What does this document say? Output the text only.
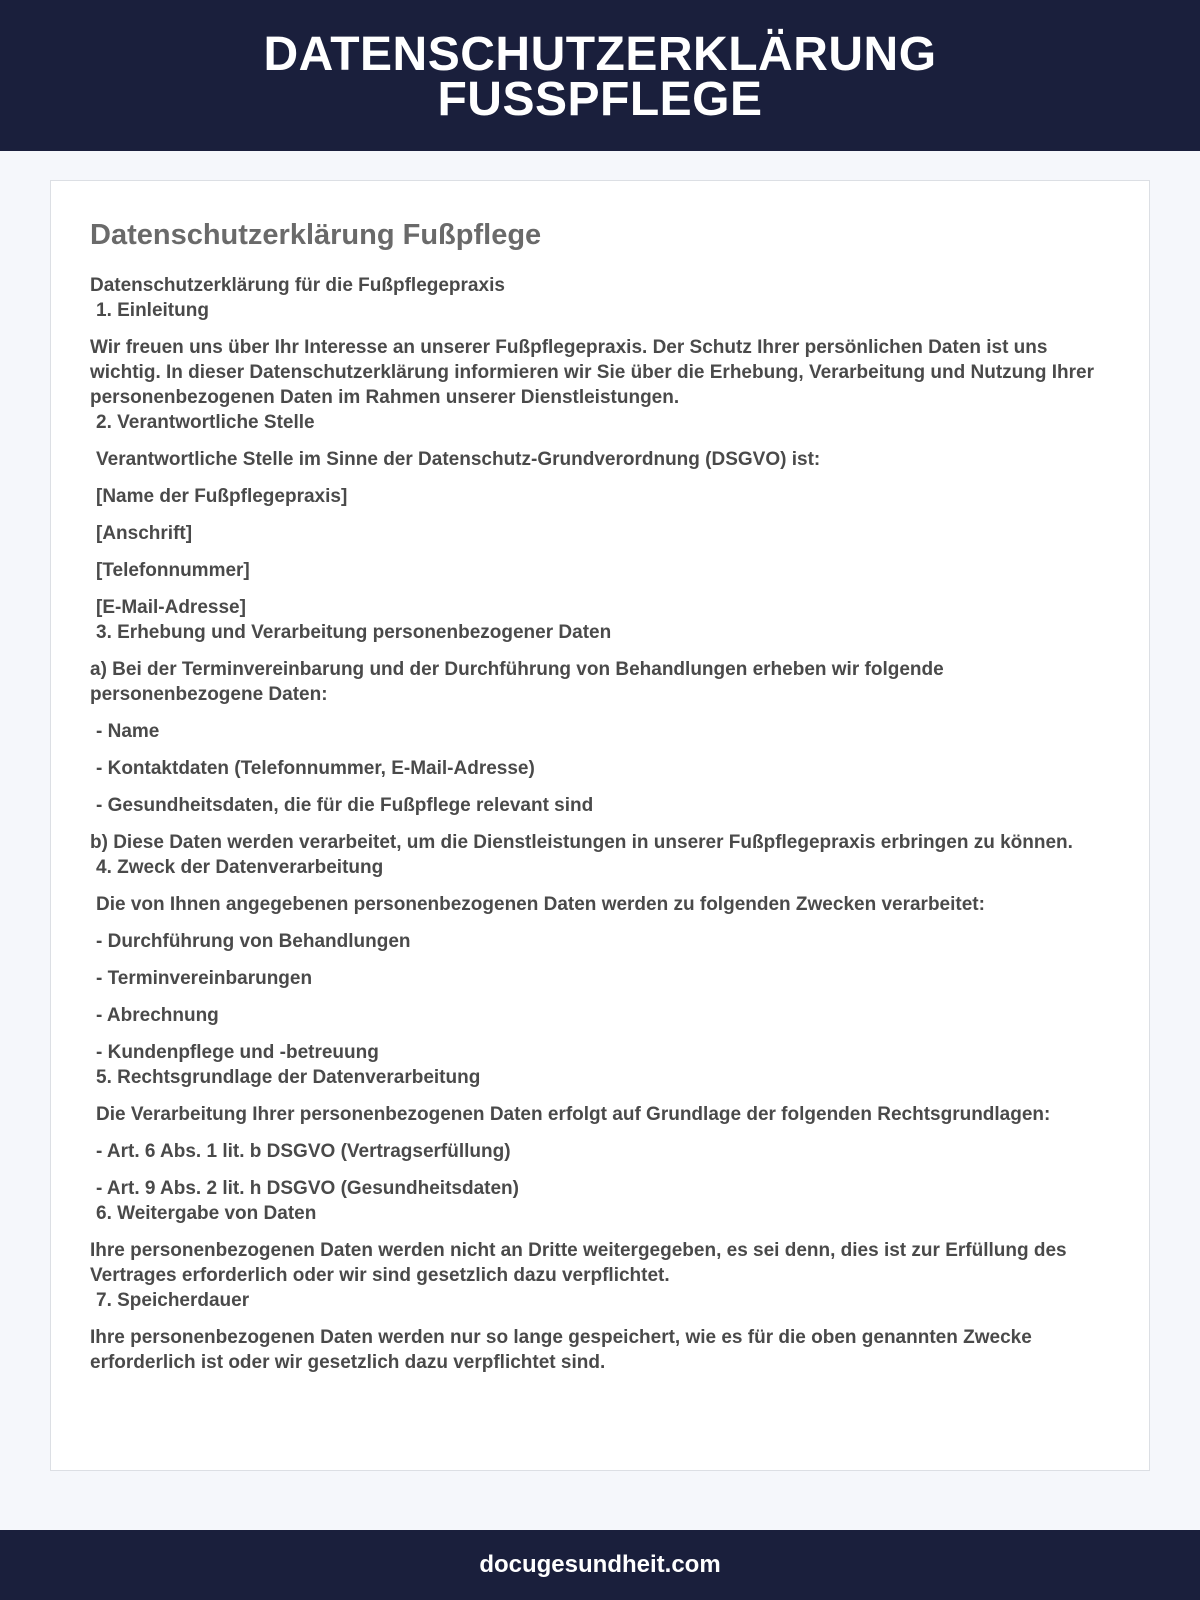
DATENSCHUTZERKLÄRUNG
FUSSPFLEGE
Datenschutzerklärung Fußpflege
Datenschutzerklärung für die Fußpflegepraxis
1. Einleitung
Wir freuen uns über Ihr Interesse an unserer Fußpflegepraxis. Der Schutz Ihrer persönlichen Daten ist uns wichtig. In dieser Datenschutzerklärung informieren wir Sie über die Erhebung, Verarbeitung und Nutzung Ihrer personenbezogenen Daten im Rahmen unserer Dienstleistungen.
2. Verantwortliche Stelle
Verantwortliche Stelle im Sinne der Datenschutz-Grundverordnung (DSGVO) ist:
[Name der Fußpflegepraxis]
[Anschrift]
[Telefonnummer]
[E-Mail-Adresse]
3. Erhebung und Verarbeitung personenbezogener Daten
a) Bei der Terminvereinbarung und der Durchführung von Behandlungen erheben wir folgende personenbezogene Daten:
- Name
- Kontaktdaten (Telefonnummer, E-Mail-Adresse)
- Gesundheitsdaten, die für die Fußpflege relevant sind
b) Diese Daten werden verarbeitet, um die Dienstleistungen in unserer Fußpflegepraxis erbringen zu können.
4. Zweck der Datenverarbeitung
Die von Ihnen angegebenen personenbezogenen Daten werden zu folgenden Zwecken verarbeitet:
- Durchführung von Behandlungen
- Terminvereinbarungen
- Abrechnung
- Kundenpflege und -betreuung
5. Rechtsgrundlage der Datenverarbeitung
Die Verarbeitung Ihrer personenbezogenen Daten erfolgt auf Grundlage der folgenden Rechtsgrundlagen:
- Art. 6 Abs. 1 lit. b DSGVO (Vertragserfüllung)
- Art. 9 Abs. 2 lit. h DSGVO (Gesundheitsdaten)
6. Weitergabe von Daten
Ihre personenbezogenen Daten werden nicht an Dritte weitergegeben, es sei denn, dies ist zur Erfüllung des Vertrages erforderlich oder wir sind gesetzlich dazu verpflichtet.
7. Speicherdauer
Ihre personenbezogenen Daten werden nur so lange gespeichert, wie es für die oben genannten Zwecke erforderlich ist oder wir gesetzlich dazu verpflichtet sind.
docugesundheit.com
